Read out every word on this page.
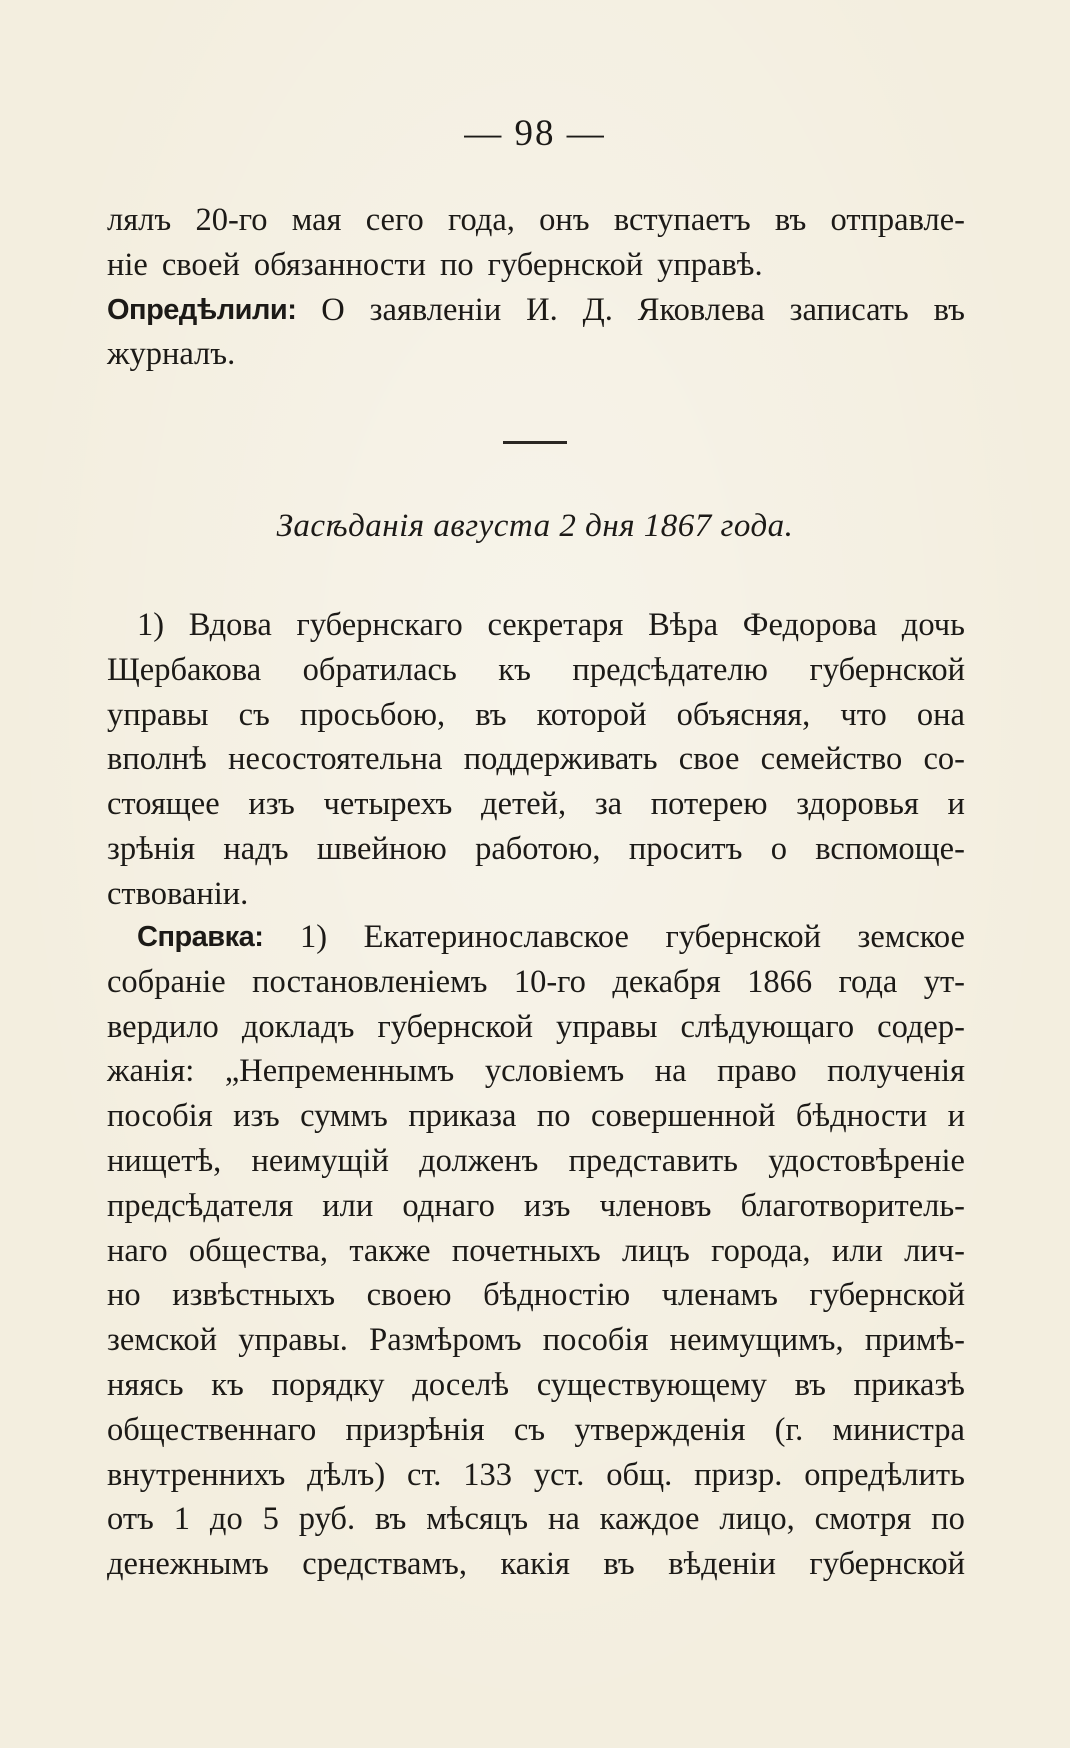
— 98 —
лялъ 20-го мая сего года, онъ вступаетъ въ отправле-
ніе своей обязанности по губернской управѣ.
Опредѣлили: О заявленіи И. Д. Яковлева записать въ
журналъ.
Засѣданія августа 2 дня 1867 года.
1) Вдова губернскаго секретаря Вѣра Федорова дочь
Щербакова обратилась къ предсѣдателю губернской
управы съ просьбою, въ которой объясняя, что она
вполнѣ несостоятельна поддерживать свое семейство со-
стоящее изъ четырехъ детей, за потерею здоровья и
зрѣнія надъ швейною работою, проситъ о вспомоще-
ствованіи.
Справка: 1) Екатеринославское губернской земское
собраніе постановленіемъ 10-го декабря 1866 года ут-
вердило докладъ губернской управы слѣдующаго содер-
жанія: „Непременнымъ условіемъ на право полученія
пособія изъ суммъ приказа по совершенной бѣдности и
нищетѣ, неимущій долженъ представить удостовѣреніе
предсѣдателя или однаго изъ членовъ благотворитель-
наго общества, также почетныхъ лицъ города, или лич-
но извѣстныхъ своею бѣдностію членамъ губернской
земской управы. Размѣромъ пособія неимущимъ, примѣ-
няясь къ порядку доселѣ существующему въ приказѣ
общественнаго призрѣнія съ утвержденія (г. министра
внутреннихъ дѣлъ) ст. 133 уст. общ. призр. опредѣлить
отъ 1 до 5 руб. въ мѣсяцъ на каждое лицо, смотря по
денежнымъ средствамъ, какія въ вѣденіи губернской
